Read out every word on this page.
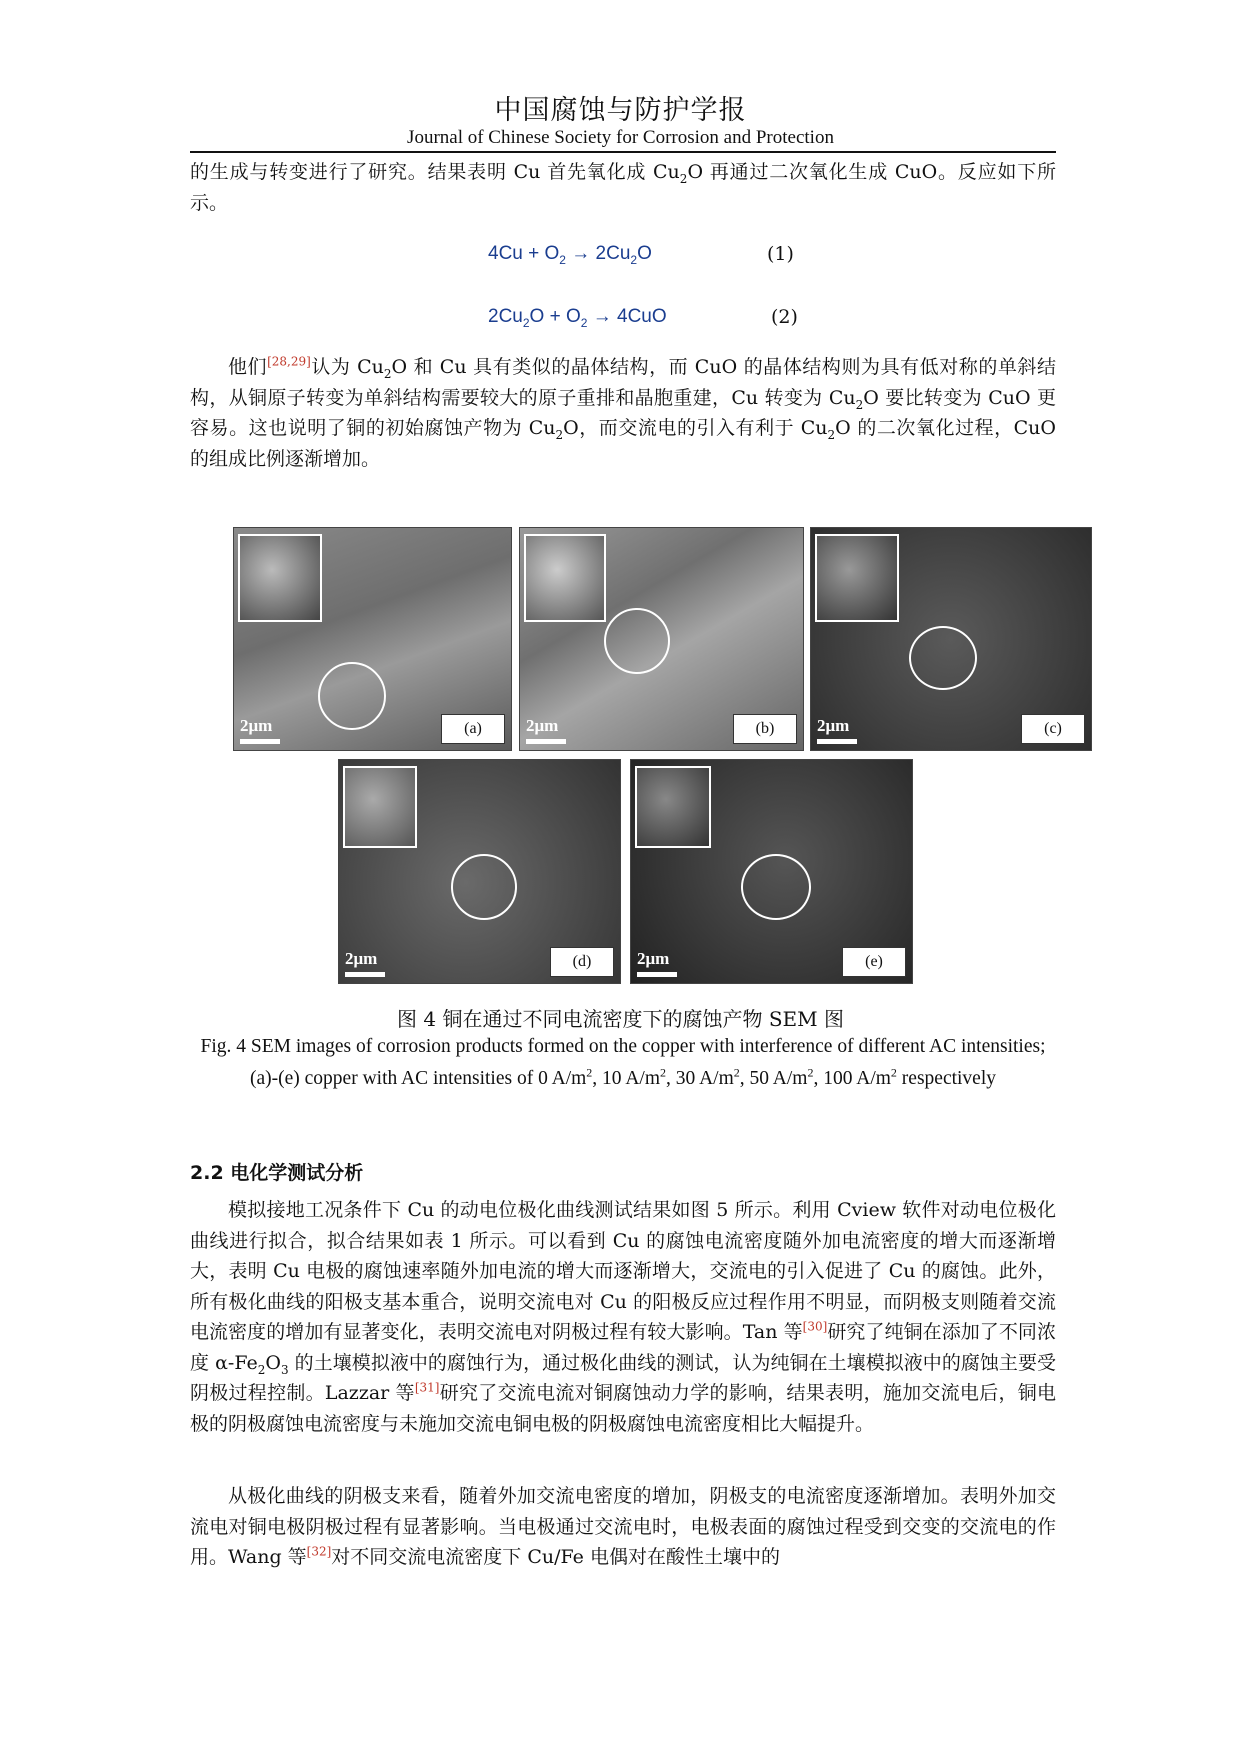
中国腐蚀与防护学报
Journal of Chinese Society for Corrosion and Protection
的生成与转变进行了研究。结果表明 Cu 首先氧化成 $Cu_2O$ 再通过二次氧化生成 CuO。反应如下所示。
$4Cu + O_2 \to 2Cu_2O$	(1)
$2Cu_2O + O_2 \to 4CuO$	(2)
他们[28,29]认为 $Cu_2O$ 和 Cu 具有类似的晶体结构，而 CuO 的晶体结构则为具有低对称的单斜结构，从铜原子转变为单斜结构需要较大的原子重排和晶胞重建，Cu 转变为 $Cu_2O$ 要比转变为 CuO 更容易。这也说明了铜的初始腐蚀产物为 $Cu_2O$，而交流电的引入有利于 $Cu_2O$ 的二次氧化过程，CuO 的组成比例逐渐增加。
2μm	(a)	2μm	(b)	2μm	(c)
2μm	(d)	2μm	(e)
图 4 铜在通过不同电流密度下的腐蚀产物 SEM 图
Fig. 4 SEM images of corrosion products formed on the copper with interference of different AC intensities; (a)-(e) copper with AC intensities of 0 $A/m^2$, 10 $A/m^2$, 30 $A/m^2$, 50 $A/m^2$, 100 $A/m^2$ respectively
2.2 电化学测试分析
模拟接地工况条件下 Cu 的动电位极化曲线测试结果如图 5 所示。利用 Cview 软件对动电位极化曲线进行拟合，拟合结果如表 1 所示。可以看到 Cu 的腐蚀电流密度随外加电流密度的增大而逐渐增大，表明 Cu 电极的腐蚀速率随外加电流的增大而逐渐增大，交流电的引入促进了 Cu 的腐蚀。此外，所有极化曲线的阳极支基本重合，说明交流电对 Cu 的阳极反应过程作用不明显，而阴极支则随着交流电流密度的增加有显著变化，表明交流电对阴极过程有较大影响。Tan 等[30]研究了纯铜在添加了不同浓度 $\alpha-Fe_2O_3$ 的土壤模拟液中的腐蚀行为，通过极化曲线的测试，认为纯铜在土壤模拟液中的腐蚀主要受阴极过程控制。Lazzar 等[31]研究了交流电流对铜腐蚀动力学的影响，结果表明，施加交流电后，铜电极的阴极腐蚀电流密度与未施加交流电铜电极的阴极腐蚀电流密度相比大幅提升。
从极化曲线的阴极支来看，随着外加交流电密度的增加，阴极支的电流密度逐渐增加。表明外加交流电对铜电极阴极过程有显著影响。当电极通过交流电时，电极表面的腐蚀过程受到交变的交流电的作用。Wang 等[32]对不同交流电流密度下 Cu/Fe 电偶对在酸性土壤中的
